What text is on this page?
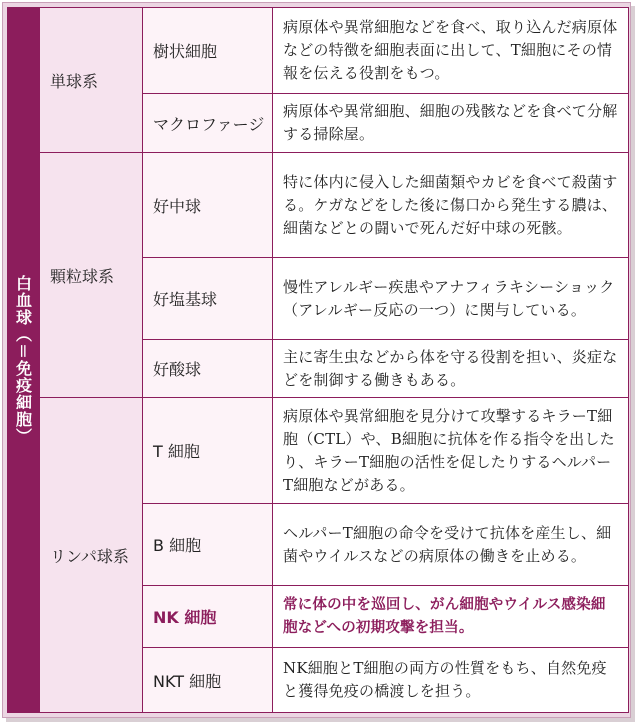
白血球（＝免疫細胞）
単球系
顆粒球系
リンパ球系
樹状細胞
病原体や異常細胞などを食べ、取り込んだ病原体などの特徴を細胞表面に出して、T細胞にその情報を伝える役割をもつ。
マクロファージ
病原体や異常細胞、細胞の残骸などを食べて分解する掃除屋。
好中球
特に体内に侵入した細菌類やカビを食べて殺菌する。ケガなどをした後に傷口から発生する膿は、細菌などとの闘いで死んだ好中球の死骸。
好塩基球
慢性アレルギー疾患やアナフィラキシーショック（アレルギー反応の一つ）に関与している。
好酸球
主に寄生虫などから体を守る役割を担い、炎症などを制御する働きもある。
T 細胞
病原体や異常細胞を見分けて攻撃するキラーT細胞（CTL）や、B細胞に抗体を作る指令を出したり、キラーT細胞の活性を促したりするヘルパーT細胞などがある。
B 細胞
ヘルパーT細胞の命令を受けて抗体を産生し、細菌やウイルスなどの病原体の働きを止める。
NK 細胞
常に体の中を巡回し、がん細胞やウイルス感染細胞などへの初期攻撃を担当。
NKT 細胞
NK細胞とT細胞の両方の性質をもち、自然免疫と獲得免疫の橋渡しを担う。
